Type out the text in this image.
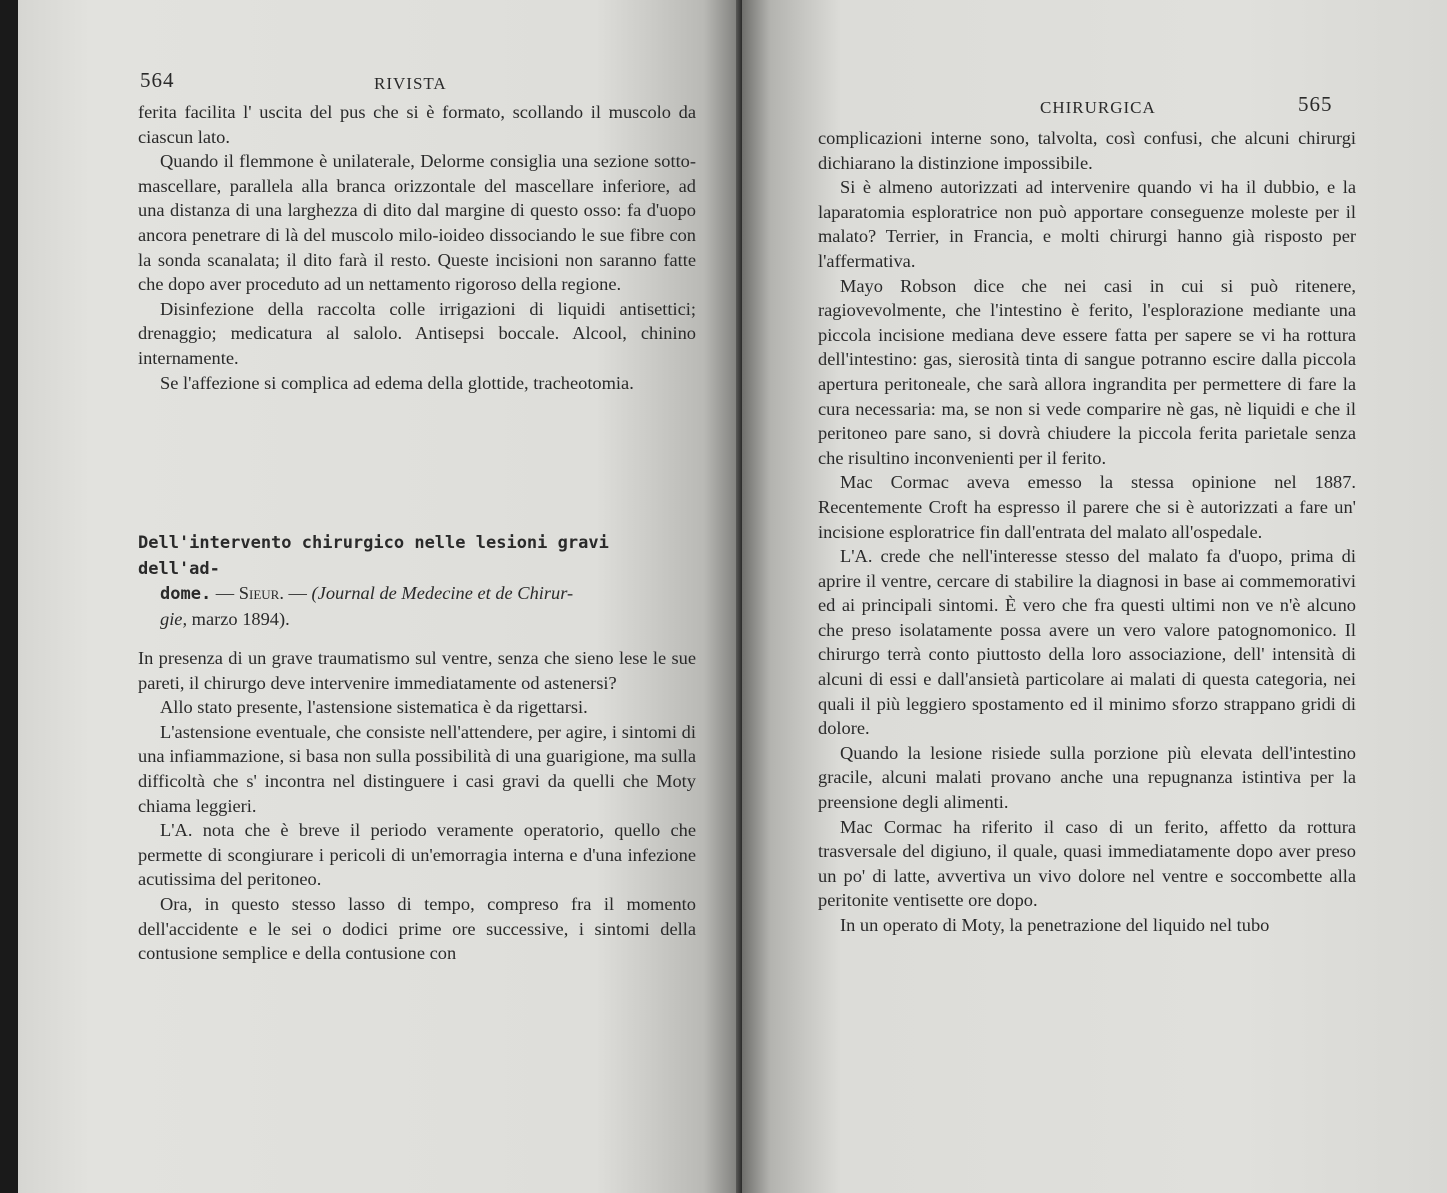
564	RIVISTA

ferita facilita l' uscita del pus che si è formato, scollando il muscolo da ciascun lato.

Quando il flemmone è unilaterale, Delorme consiglia una sezione sotto-mascellare, parallela alla branca orizzontale del mascellare inferiore, ad una distanza di una larghezza di dito dal margine di questo osso: fa d'uopo ancora penetrare di là del muscolo milo-ioideo dissociando le sue fibre con la sonda scanalata; il dito farà il resto. Queste incisioni non saranno fatte che dopo aver proceduto ad un nettamento rigoroso della regione.

Disinfezione della raccolta colle irrigazioni di liquidi antisettici; drenaggio; medicatura al salolo. Antisepsi boccale. Alcool, chinino internamente.

Se l'affezione si complica ad edema della glottide, tracheotomia.

Dell'intervento chirurgico nelle lesioni gravi dell'ad-
dome. — Sieur. — (Journal de Medecine et de Chirur-
gie, marzo 1894).

In presenza di un grave traumatismo sul ventre, senza che sieno lese le sue pareti, il chirurgo deve intervenire immediatamente od astenersi?

Allo stato presente, l'astensione sistematica è da rigettarsi.

L'astensione eventuale, che consiste nell'attendere, per agire, i sintomi di una infiammazione, si basa non sulla possibilità di una guarigione, ma sulla difficoltà che s' incontra nel distinguere i casi gravi da quelli che Moty chiama leggieri.

L'A. nota che è breve il periodo veramente operatorio, quello che permette di scongiurare i pericoli di un'emorragia interna e d'una infezione acutissima del peritoneo.

Ora, in questo stesso lasso di tempo, compreso fra il momento dell'accidente e le sei o dodici prime ore successive, i sintomi della contusione semplice e della contusione con

CHIRURGICA	565

complicazioni interne sono, talvolta, così confusi, che alcuni chirurgi dichiarano la distinzione impossibile.

Si è almeno autorizzati ad intervenire quando vi ha il dubbio, e la laparatomia esploratrice non può apportare conseguenze moleste per il malato? Terrier, in Francia, e molti chirurgi hanno già risposto per l'affermativa.

Mayo Robson dice che nei casi in cui si può ritenere, ragiovevolmente, che l'intestino è ferito, l'esplorazione mediante una piccola incisione mediana deve essere fatta per sapere se vi ha rottura dell'intestino: gas, sierosità tinta di sangue potranno escire dalla piccola apertura peritoneale, che sarà allora ingrandita per permettere di fare la cura necessaria: ma, se non si vede comparire nè gas, nè liquidi e che il peritoneo pare sano, si dovrà chiudere la piccola ferita parietale senza che risultino inconvenienti per il ferito.

Mac Cormac aveva emesso la stessa opinione nel 1887. Recentemente Croft ha espresso il parere che si è autorizzati a fare un' incisione esploratrice fin dall'entrata del malato all'ospedale.

L'A. crede che nell'interesse stesso del malato fa d'uopo, prima di aprire il ventre, cercare di stabilire la diagnosi in base ai commemorativi ed ai principali sintomi. È vero che fra questi ultimi non ve n'è alcuno che preso isolatamente possa avere un vero valore patognomonico. Il chirurgo terrà conto piuttosto della loro associazione, dell' intensità di alcuni di essi e dall'ansietà particolare ai malati di questa categoria, nei quali il più leggiero spostamento ed il minimo sforzo strappano gridi di dolore.

Quando la lesione risiede sulla porzione più elevata dell'intestino gracile, alcuni malati provano anche una repugnanza istintiva per la preensione degli alimenti.

Mac Cormac ha riferito il caso di un ferito, affetto da rottura trasversale del digiuno, il quale, quasi immediatamente dopo aver preso un po' di latte, avvertiva un vivo dolore nel ventre e soccombette alla peritonite ventisette ore dopo.

In un operato di Moty, la penetrazione del liquido nel tubo
